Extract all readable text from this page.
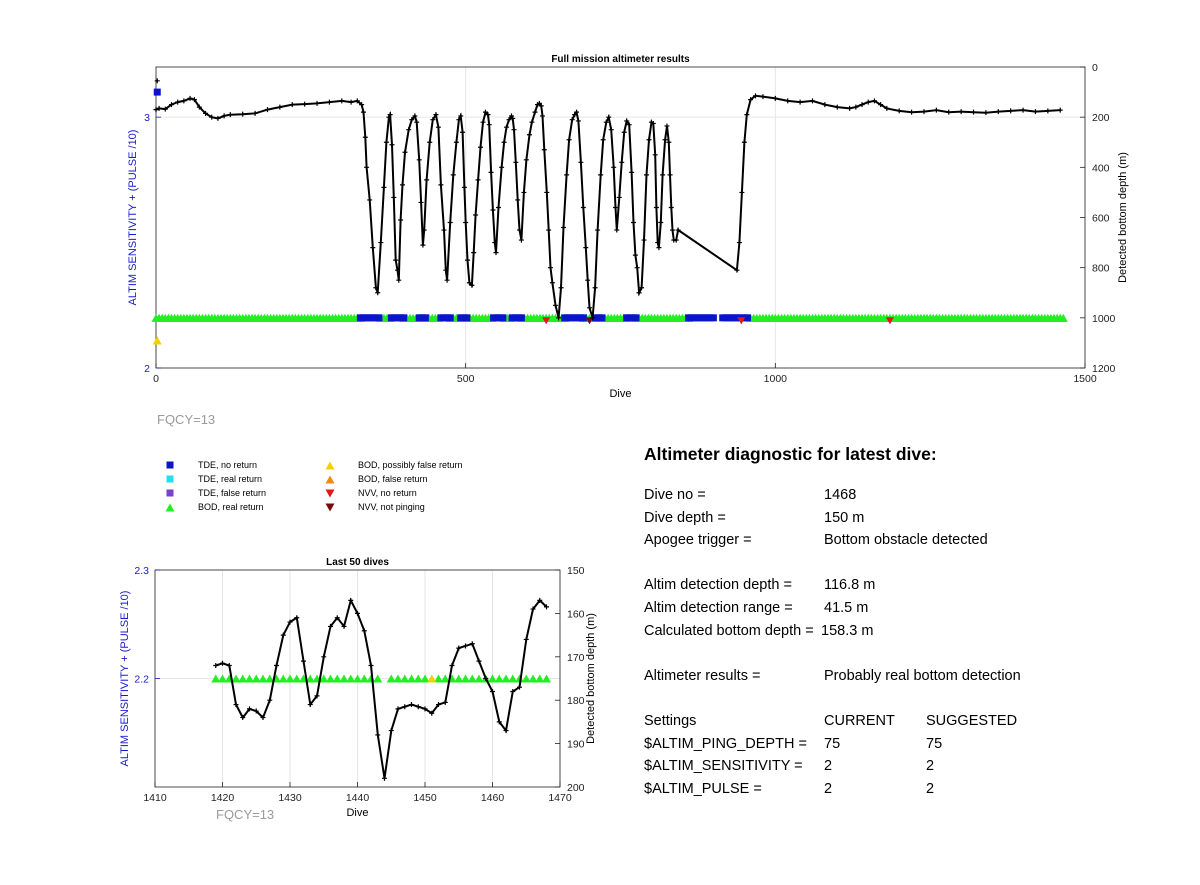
0	500	1000	1500
2
3
0
200
400
600
800
1000
1200
Full mission altimeter results
Dive
ALTIM SENSITIVITY + (PULSE /10)	Detected bottom depth (m)
FQCY=13
TDE, no return
TDE, real return
TDE, false return
BOD, real return
BOD, possibly false return
BOD, false return
NVV, no return
NVV, not pinging
1410	1420	1430	1440	1450	1460	1470
2.2
2.3	150
160
170
180
190
200
Last 50 dives
Dive
ALTIM SENSITIVITY + (PULSE /10)	Detected bottom depth (m)
FQCY=13
Altimeter diagnostic for latest dive:
Dive no =	1468
Dive depth =	150 m
Apogee trigger =	Bottom obstacle detected
Altim detection depth = 116.8 m
Altim detection range = 41.5 m
Calculated bottom depth = 158.3 m
Altimeter results =	Probably real bottom detection
Settings	CURRENT SUGGESTED
$ALTIM_PING_DEPTH = 75	75
$ALTIM_SENSITIVITY = 2	2
$ALTIM_PULSE =	2	2
